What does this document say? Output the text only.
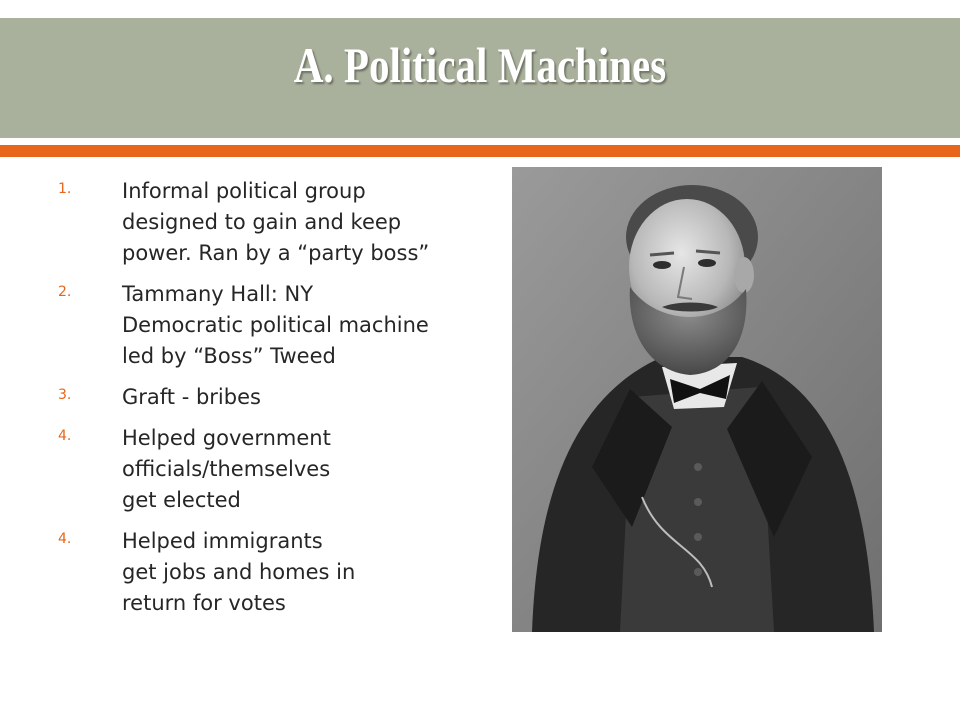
A. Political Machines
1. Informal political group
designed to gain and keep
power. Ran by a “party boss”
2. Tammany Hall: NY
Democratic political machine
led by “Boss” Tweed
3. Graft - bribes
4. Helped government
officials/themselves
get elected
4. Helped immigrants
get jobs and homes in
return for votes
